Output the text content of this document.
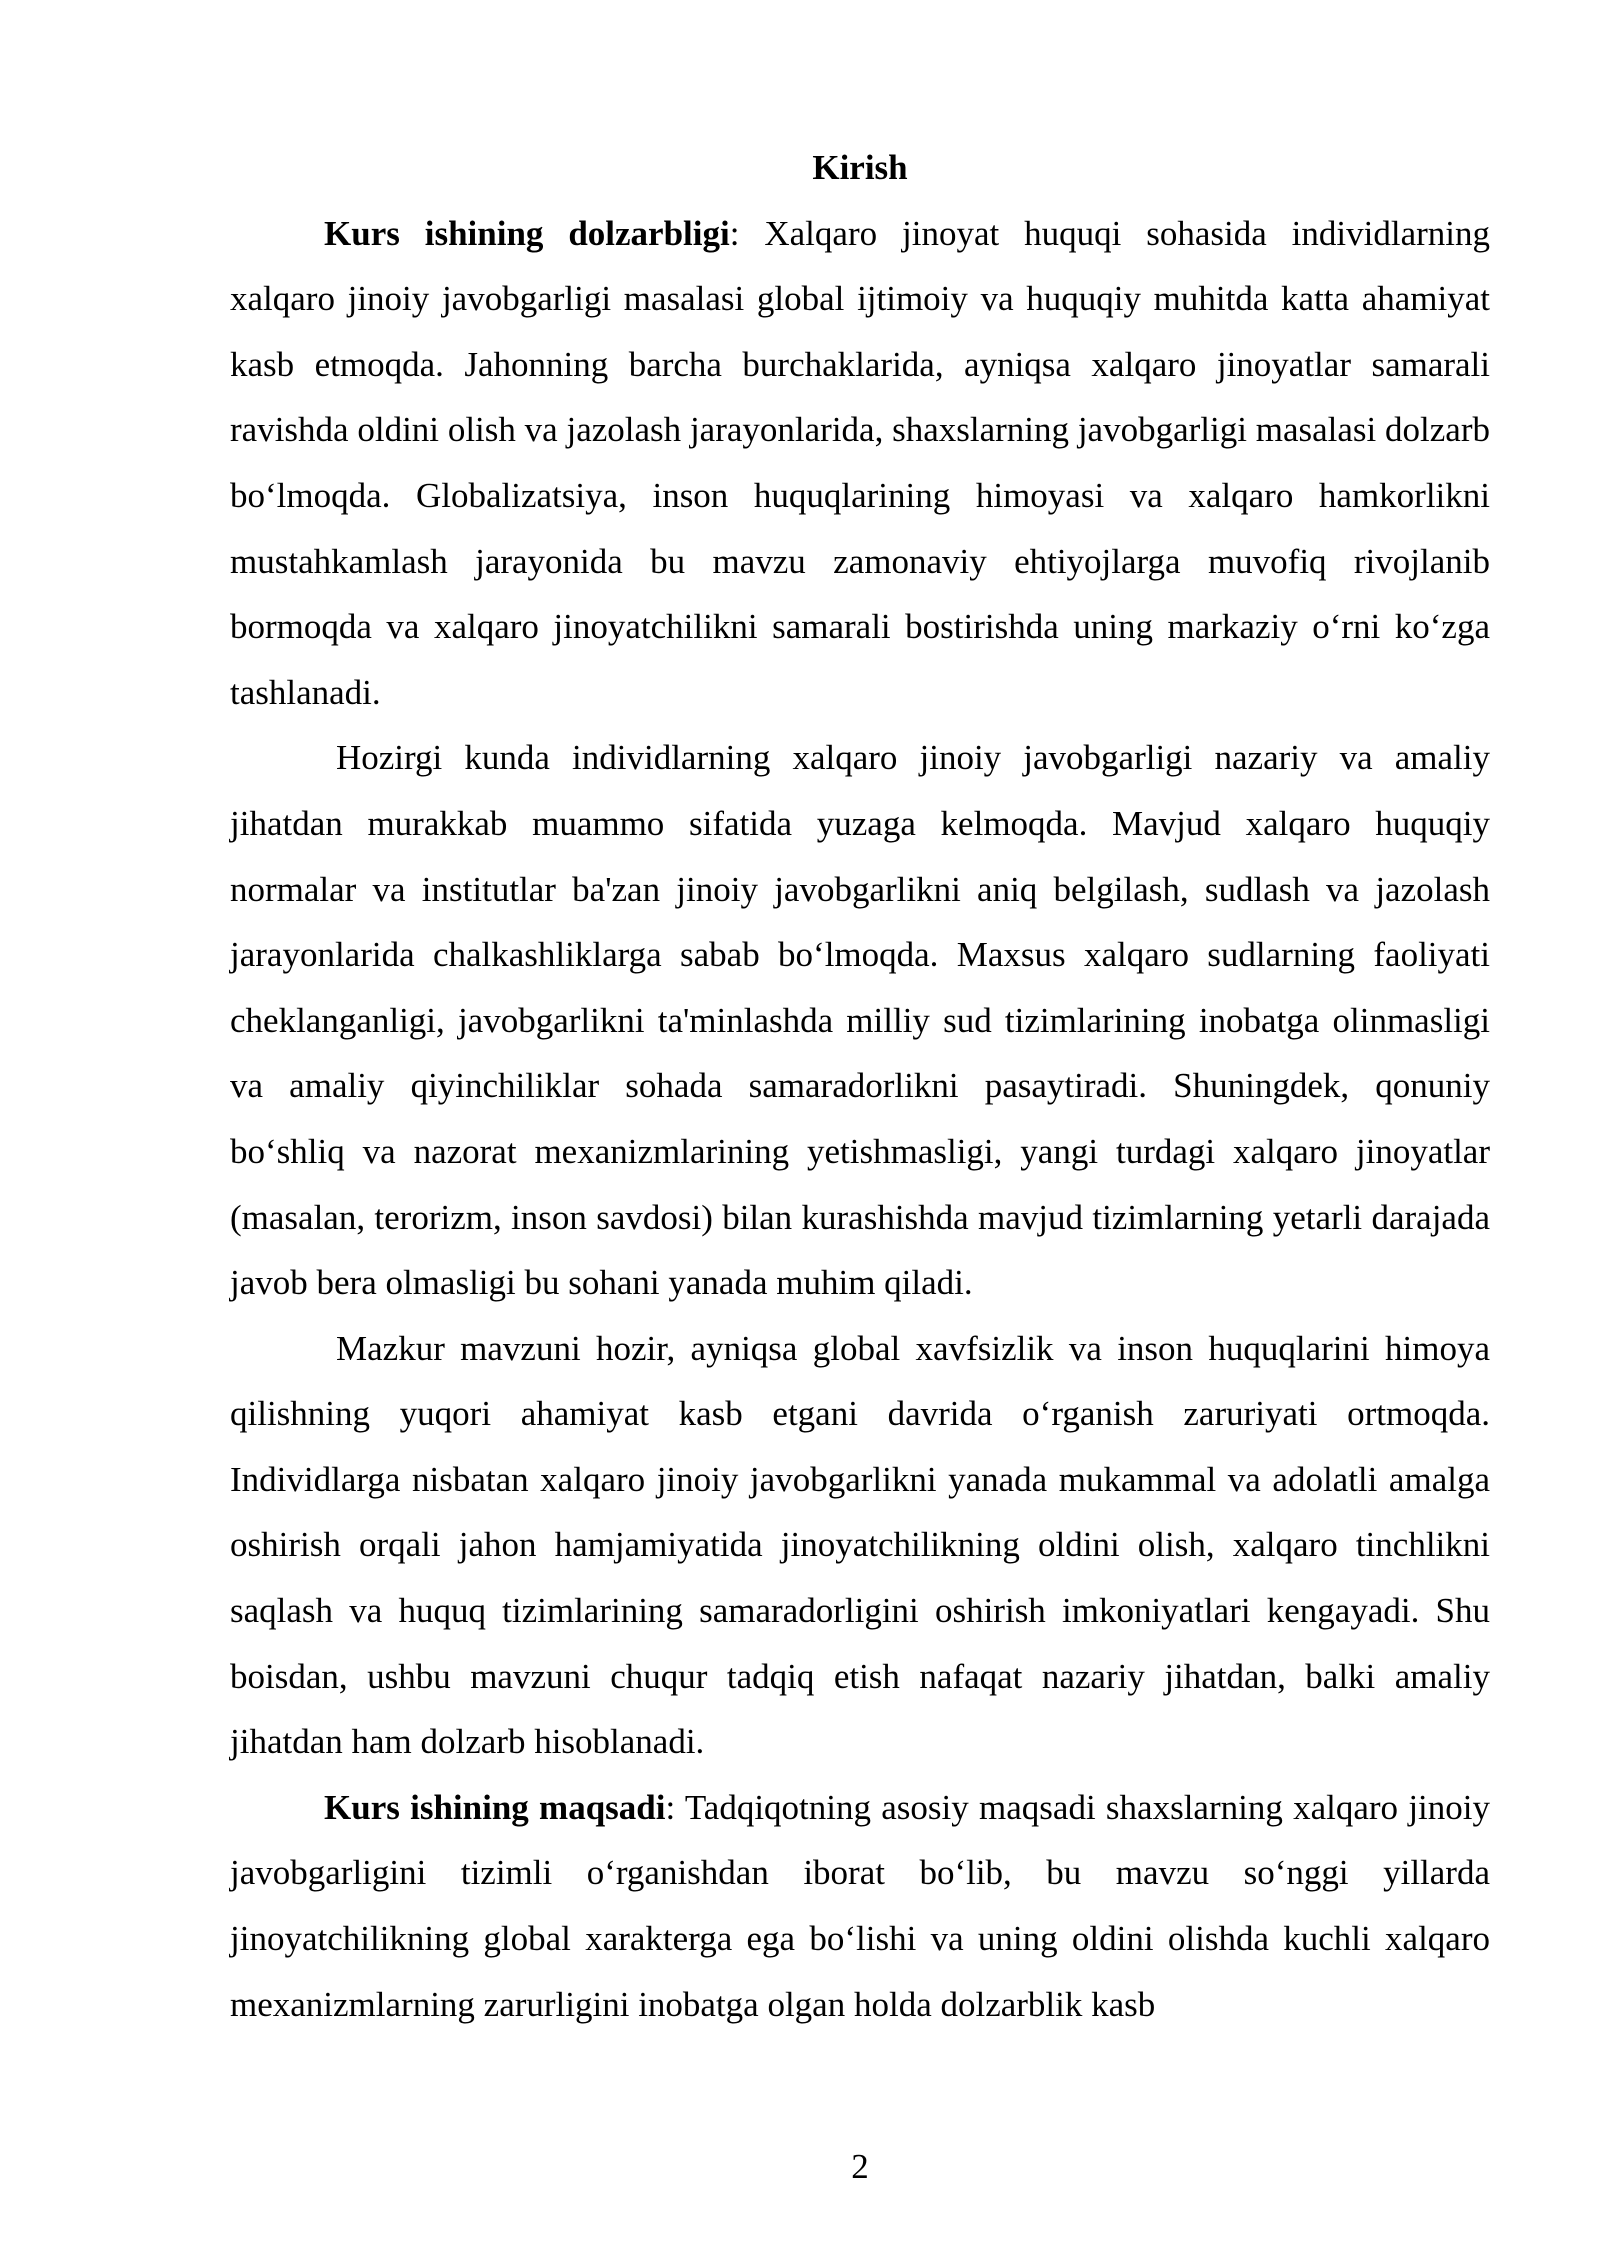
Kirish

Kurs ishining dolzarbligi: Xalqaro jinoyat huquqi sohasida individlarning xalqaro jinoiy javobgarligi masalasi global ijtimoiy va huquqiy muhitda katta ahamiyat kasb etmoqda. Jahonning barcha burchaklarida, ayniqsa xalqaro jinoyatlar samarali ravishda oldini olish va jazolash jarayonlarida, shaxslarning javobgarligi masalasi dolzarb boʻlmoqda. Globalizatsiya, inson huquqlarining himoyasi va xalqaro hamkorlikni mustahkamlash jarayonida bu mavzu zamonaviy ehtiyojlarga muvofiq rivojlanib bormoqda va xalqaro jinoyatchilikni samarali bostirishda uning markaziy oʻrni koʻzga tashlanadi.

Hozirgi kunda individlarning xalqaro jinoiy javobgarligi nazariy va amaliy jihatdan murakkab muammo sifatida yuzaga kelmoqda. Mavjud xalqaro huquqiy normalar va institutlar ba'zan jinoiy javobgarlikni aniq belgilash, sudlash va jazolash jarayonlarida chalkashliklarga sabab boʻlmoqda. Maxsus xalqaro sudlarning faoliyati cheklanganligi, javobgarlikni ta'minlashda milliy sud tizimlarining inobatga olinmasligi va amaliy qiyinchiliklar sohada samaradorlikni pasaytiradi. Shuningdek, qonuniy boʻshliq va nazorat mexanizmlarining yetishmasligi, yangi turdagi xalqaro jinoyatlar (masalan, terorizm, inson savdosi) bilan kurashishda mavjud tizimlarning yetarli darajada javob bera olmasligi bu sohani yanada muhim qiladi.

Mazkur mavzuni hozir, ayniqsa global xavfsizlik va inson huquqlarini himoya qilishning yuqori ahamiyat kasb etgani davrida oʻrganish zaruriyati ortmoqda. Individlarga nisbatan xalqaro jinoiy javobgarlikni yanada mukammal va adolatli amalga oshirish orqali jahon hamjamiyatida jinoyatchilikning oldini olish, xalqaro tinchlikni saqlash va huquq tizimlarining samaradorligini oshirish imkoniyatlari kengayadi. Shu boisdan, ushbu mavzuni chuqur tadqiq etish nafaqat nazariy jihatdan, balki amaliy jihatdan ham dolzarb hisoblanadi.

Kurs ishining maqsadi: Tadqiqotning asosiy maqsadi shaxslarning xalqaro jinoiy javobgarligini tizimli oʻrganishdan iborat boʻlib, bu mavzu soʻnggi yillarda jinoyatchilikning global xarakterga ega boʻlishi va uning oldini olishda kuchli xalqaro mexanizmlarning zarurligini inobatga olgan holda dolzarblik kasb

2
